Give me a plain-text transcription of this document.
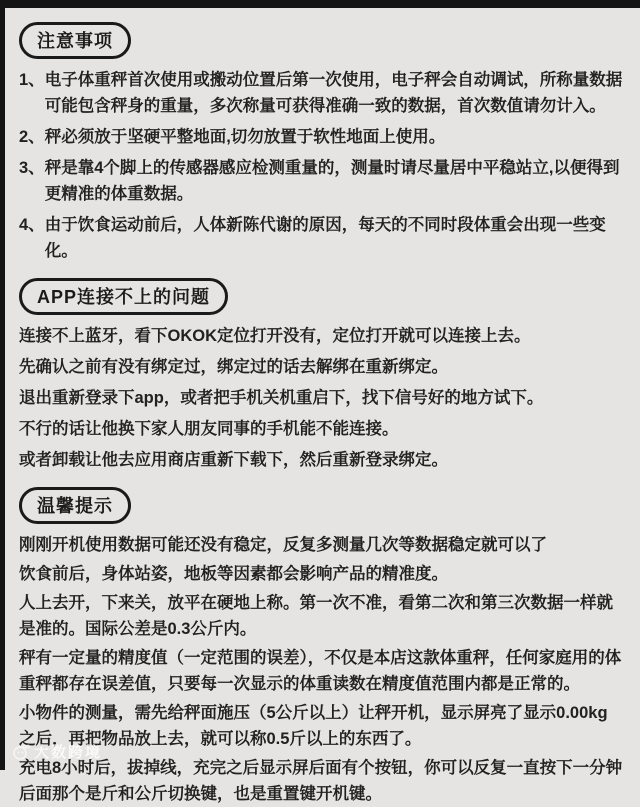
注意事项
1、 电子体重秤首次使用或搬动位置后第一次使用，电子秤会自动调试，所称量数据可能包含秤身的重量，多次称量可获得准确一致的数据，首次数值请勿计入。
2、 秤必须放于坚硬平整地面,切勿放置于软性地面上使用。
3、 秤是靠4个脚上的传感器感应检测重量的，测量时请尽量居中平稳站立,以便得到更精准的体重数据。
4、 由于饮食运动前后，人体新陈代谢的原因，每天的不同时段体重会出现一些变化。
APP连接不上的问题
连接不上蓝牙，看下OKOK定位打开没有，定位打开就可以连接上去。
先确认之前有没有绑定过，绑定过的话去解绑在重新绑定。
退出重新登录下app，或者把手机关机重启下，找下信号好的地方试下。
不行的话让他换下家人朋友同事的手机能不能连接。
或者卸载让他去应用商店重新下载下，然后重新登录绑定。
温馨提示
刚刚开机使用数据可能还没有稳定，反复多测量几次等数据稳定就可以了
饮食前后，身体站姿，地板等因素都会影响产品的精准度。
人上去开，下来关，放平在硬地上称。第一次不准，看第二次和第三次数据一样就是准的。国际公差是0.3公斤内。
秤有一定量的精度值（一定范围的误差），不仅是本店这款体重秤，任何家庭用的体重秤都存在误差值，只要每一次显示的体重读数在精度值范围内都是正常的。
小物件的测量，需先给秤面施压（5公斤以上）让秤开机，显示屏亮了显示0.00kg之后，再把物品放上去，就可以称0.5斤以上的东西了。
充电8小时后，拔掉线，充完之后显示屏后面有个按钮，你可以反复一直按下一分钟后面那个是斤和公斤切换键，也是重置键开机键。
大数跨境
